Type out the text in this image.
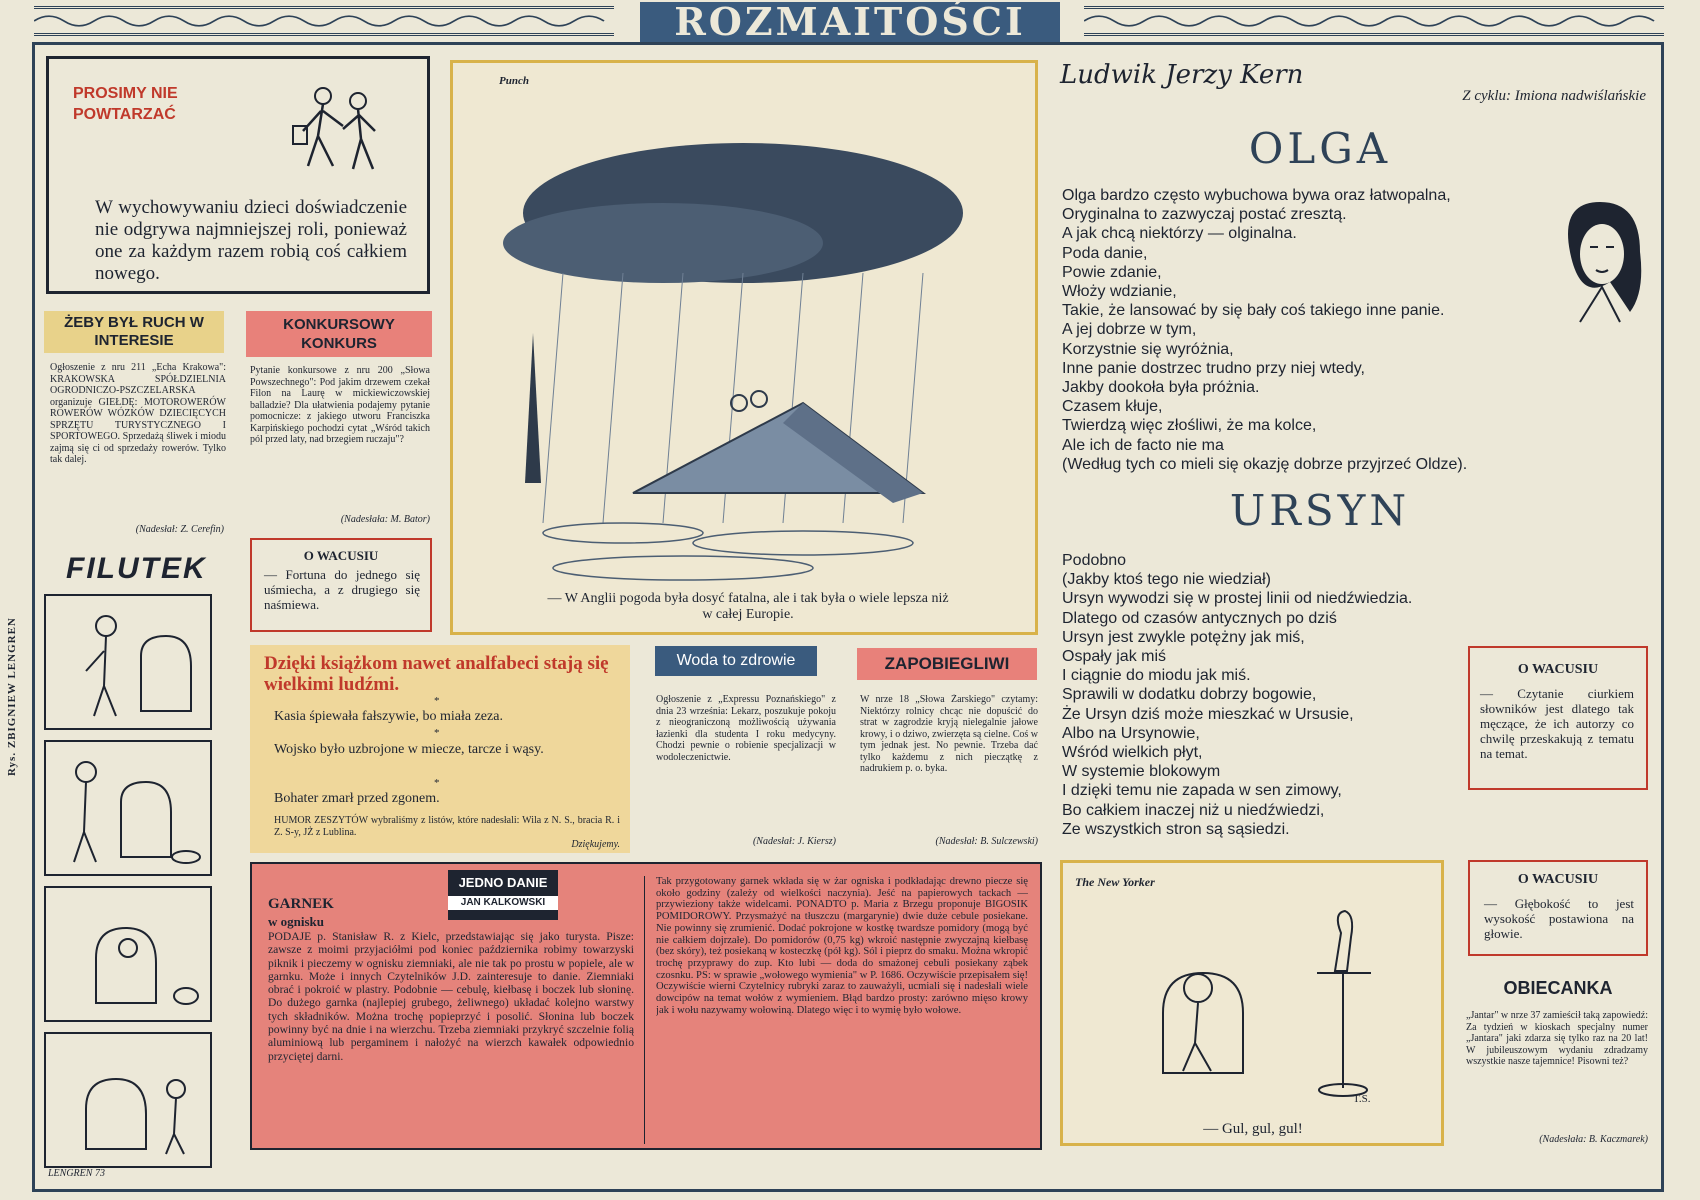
ROZMAITOŚCI
Rys. ZBIGNIEW LENGREN
PROSIMY NIE POWTARZAĆ
W wychowywaniu dzieci doświadczenie nie odgrywa najmniejszej roli, ponieważ one za każdym razem robią coś całkiem nowego.
ŻEBY BYŁ RUCH W INTERESIE
Ogłoszenie z nru 211 „Echa Krakowa": KRAKOWSKA SPÓŁDZIELNIA OGRODNICZO-PSZCZELARSKA organizuje GIEŁDĘ: MOTOROWERÓW ROWERÓW WÓZKÓW DZIECIĘCYCH SPRZĘTU TURYSTYCZNEGO I SPORTOWEGO. Sprzedażą śliwek i miodu zajmą się ci od sprzedaży rowerów. Tylko tak dalej.
(Nadesłał: Z. Cerefin)
KONKURSOWY KONKURS
Pytanie konkursowe z nru 200 „Słowa Powszechnego": Pod jakim drzewem czekał Filon na Laurę w mickiewiczowskiej balladzie? Dla ułatwienia podajemy pytanie pomocnicze: z jakiego utworu Franciszka Karpińskiego pochodzi cytat „Wśród takich pól przed laty, nad brzegiem ruczaju"?
(Nadesłała: M. Bator)
O WACUSIU
— Fortuna do jednego się uśmiecha, a z drugiego się naśmiewa.
FILUTEK
LENGREN 73
Punch
— W Anglii pogoda była dosyć fatalna, ale i tak była o wiele lepsza niż w całej Europie.
Dzięki książkom nawet analfabeci stają się wielkimi ludźmi.
*
Kasia śpiewała fałszywie, bo miała zeza.
*
Wojsko było uzbrojone w miecze, tarcze i wąsy.
*
Bohater zmarł przed zgonem.
HUMOR ZESZYTÓW wybraliśmy z listów, które nadesłali: Wila z N. S., bracia R. i Z. S-y, JŻ z Lublina.
Dziękujemy.
Woda to zdrowie
Ogłoszenie z „Expressu Poznańskiego" z dnia 23 września: Lekarz, poszukuje pokoju z nieograniczoną możliwością używania łazienki dla studenta I roku medycyny. Chodzi pewnie o robienie specjalizacji w wodoleczenictwie.
(Nadesłał: J. Kiersz)
ZAPOBIEGLIWI
W nrze 18 „Słowa Żarskiego" czytamy: Niektórzy rolnicy chcąc nie dopuścić do strat w zagrodzie kryją nielegalnie jałowe krowy, i o dziwo, zwierzęta są cielne. Coś w tym jednak jest. No pewnie. Trzeba dać tylko każdemu z nich pieczątkę z nadrukiem p. o. byka.
(Nadesłał: B. Sulczewski)
JEDNO DANIE
JAN KALKOWSKI
GARNEK
w ognisku
PODAJE p. Stanisław R. z Kielc, przedstawiając się jako turysta. Pisze: zawsze z moimi przyjaciółmi pod koniec października robimy towarzyski piknik i pieczemy w ognisku ziemniaki, ale nie tak po prostu w popiele, ale w garnku. Może i innych Czytelników J.D. zainteresuje to danie. Ziemniaki obrać i pokroić w plastry. Podobnie — cebulę, kiełbasę i boczek lub słoninę. Do dużego garnka (najlepiej grubego, żeliwnego) układać kolejno warstwy tych składników. Można trochę popieprzyć i posolić. Słonina lub boczek powinny być na dnie i na wierzchu. Trzeba ziemniaki przykryć szczelnie folią aluminiową lub pergaminem i nałożyć na wierzch kawałek odpowiednio przyciętej darni.
Tak przygotowany garnek wkłada się w żar ogniska i podkładając drewno piecze się około godziny (zależy od wielkości naczynia). Jeść na papierowych tackach — przywieziony także widelcami. PONADTO p. Maria z Brzegu proponuje BIGOSIK POMIDOROWY. Przysmażyć na tłuszczu (margarynie) dwie duże cebule posiekane. Nie powinny się zrumienić. Dodać pokrojone w kostkę twardsze pomidory (mogą być nie całkiem dojrzałe). Do pomidorów (0,75 kg) wkroić następnie zwyczajną kiełbasę (bez skóry), też posiekaną w kosteczkę (pół kg). Sól i pieprz do smaku. Można wkropić trochę przyprawy do zup. Kto lubi — doda do smażonej cebuli posiekany ząbek czosnku. PS: w sprawie „wołowego wymienia" w P. 1686. Oczywiście przepisałem się! Oczywiście wierni Czytelnicy rubryki zaraz to zauważyli, ucmiali się i nadesłali wiele dowcipów na temat wołów z wymieniem. Błąd bardzo prosty: zarówno mięso krowy jak i wołu nazywamy wołowiną. Dlatego więc i to wymię było wołowe.
Ludwik Jerzy Kern
Z cyklu: Imiona nadwiślańskie
OLGA
Olga bardzo często wybuchowa bywa oraz łatwopalna,
Oryginalna to zazwyczaj postać zresztą.
A jak chcą niektórzy — olginalna.
Poda danie,
Powie zdanie,
Włoży wdzianie,
Takie, że lansować by się bały coś takiego inne panie.
A jej dobrze w tym,
Korzystnie się wyróżnia,
Inne panie dostrzec trudno przy niej wtedy,
Jakby dookoła była próżnia.
Czasem kłuje,
Twierdzą więc złośliwi, że ma kolce,
Ale ich de facto nie ma
(Według tych co mieli się okazję dobrze przyjrzeć Oldze).
URSYN
Podobno
(Jakby ktoś tego nie wiedział)
Ursyn wywodzi się w prostej linii od niedźwiedzia.
Dlatego od czasów antycznych po dziś
Ursyn jest zwykle potężny jak miś,
Ospały jak miś
I ciągnie do miodu jak miś.
Sprawili w dodatku dobrzy bogowie,
Że Ursyn dziś może mieszkać w Ursusie,
Albo na Ursynowie,
Wśród wielkich płyt,
W systemie blokowym
I dzięki temu nie zapada w sen zimowy,
Bo całkiem inaczej niż u niedźwiedzi,
Ze wszystkich stron są sąsiedzi.
O WACUSIU
— Czytanie ciurkiem słowników jest dlatego tak męczące, że ich autorzy co chwilę przeskakują z tematu na temat.
The New Yorker
T.S.
— Gul, gul, gul!
O WACUSIU
— Głębokość to jest wysokość postawiona na głowie.
OBIECANKA
„Jantar" w nrze 37 zamieścił taką zapowiedź: Za tydzień w kioskach specjalny numer „Jantara" jaki zdarza się tylko raz na 20 lat! W jubileuszowym wydaniu zdradzamy wszystkie nasze tajemnice! Pisowni też?
(Nadesłała: B. Kaczmarek)
